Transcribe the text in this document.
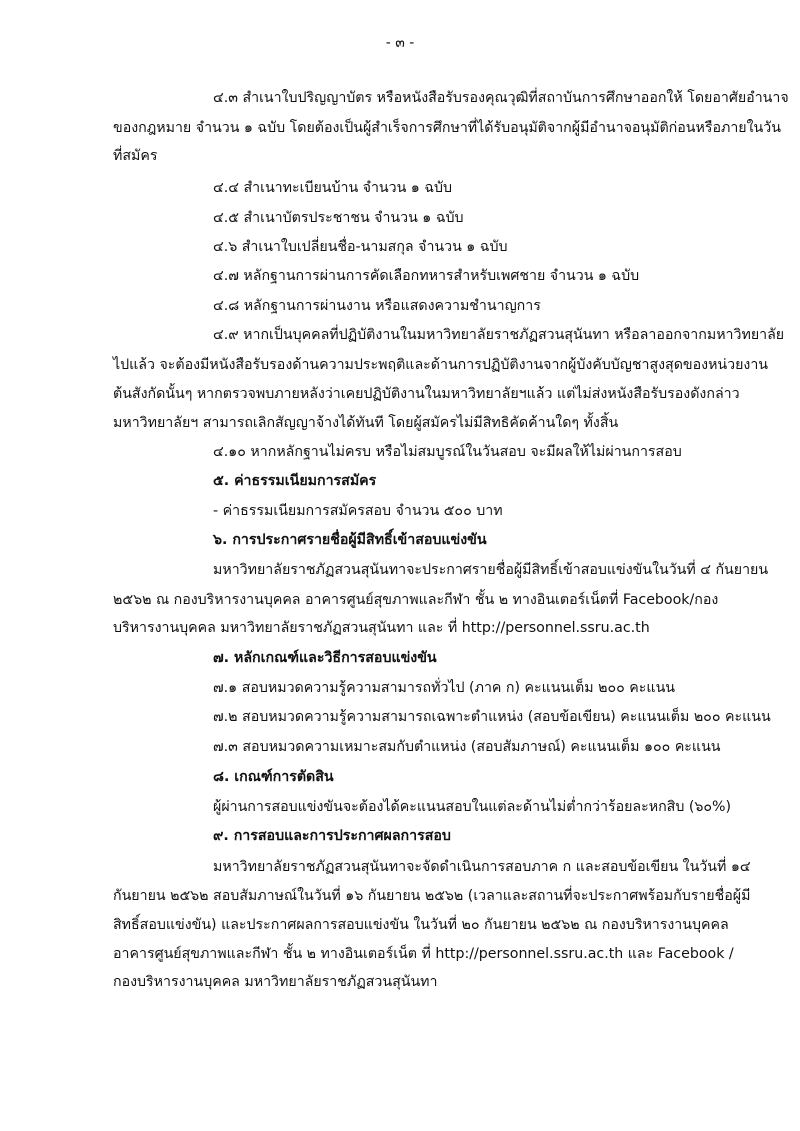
- ๓ -
๔.๓ สำเนาใบปริญญาบัตร หรือหนังสือรับรองคุณวุฒิที่สถาบันการศึกษาออกให้ โดยอาศัยอำนาจ
ของกฎหมาย จำนวน ๑ ฉบับ โดยต้องเป็นผู้สำเร็จการศึกษาที่ได้รับอนุมัติจากผู้มีอำนาจอนุมัติก่อนหรือภายในวัน
ที่สมัคร
๔.๔ สำเนาทะเบียนบ้าน จำนวน ๑ ฉบับ
๔.๕ สำเนาบัตรประชาชน จำนวน ๑ ฉบับ
๔.๖ สำเนาใบเปลี่ยนชื่อ-นามสกุล จำนวน ๑ ฉบับ
๔.๗ หลักฐานการผ่านการคัดเลือกทหารสำหรับเพศชาย จำนวน ๑ ฉบับ
๔.๘ หลักฐานการผ่านงาน หรือแสดงความชำนาญการ
๔.๙ หากเป็นบุคคลที่ปฏิบัติงานในมหาวิทยาลัยราชภัฏสวนสุนันทา หรือลาออกจากมหาวิทยาลัย
ไปแล้ว จะต้องมีหนังสือรับรองด้านความประพฤติและด้านการปฏิบัติงานจากผู้บังคับบัญชาสูงสุดของหน่วยงาน
ต้นสังกัดนั้นๆ หากตรวจพบภายหลังว่าเคยปฏิบัติงานในมหาวิทยาลัยฯแล้ว แต่ไม่ส่งหนังสือรับรองดังกล่าว
มหาวิทยาลัยฯ สามารถเลิกสัญญาจ้างได้ทันที โดยผู้สมัครไม่มีสิทธิคัดค้านใดๆ ทั้งสิ้น
๔.๑๐ หากหลักฐานไม่ครบ หรือไม่สมบูรณ์ในวันสอบ จะมีผลให้ไม่ผ่านการสอบ
๕. ค่าธรรมเนียมการสมัคร
- ค่าธรรมเนียมการสมัครสอบ จำนวน ๕๐๐ บาท
๖. การประกาศรายชื่อผู้มีสิทธิ์เข้าสอบแข่งขัน
มหาวิทยาลัยราชภัฏสวนสุนันทาจะประกาศรายชื่อผู้มีสิทธิ์เข้าสอบแข่งขันในวันที่ ๔ กันยายน
๒๕๖๒ ณ กองบริหารงานบุคคล อาคารศูนย์สุขภาพและกีฬา ชั้น ๒ ทางอินเตอร์เน็ตที่ Facebook/กอง
บริหารงานบุคคล มหาวิทยาลัยราชภัฏสวนสุนันทา และ ที่ http://personnel.ssru.ac.th
๗. หลักเกณฑ์และวิธีการสอบแข่งขัน
๗.๑ สอบหมวดความรู้ความสามารถทั่วไป (ภาค ก) คะแนนเต็ม ๒๐๐ คะแนน
๗.๒ สอบหมวดความรู้ความสามารถเฉพาะตำแหน่ง (สอบข้อเขียน) คะแนนเต็ม ๒๐๐ คะแนน
๗.๓ สอบหมวดความเหมาะสมกับตำแหน่ง (สอบสัมภาษณ์) คะแนนเต็ม ๑๐๐ คะแนน
๘. เกณฑ์การตัดสิน
ผู้ผ่านการสอบแข่งขันจะต้องได้คะแนนสอบในแต่ละด้านไม่ต่ำกว่าร้อยละหกสิบ (๖๐%)
๙. การสอบและการประกาศผลการสอบ
มหาวิทยาลัยราชภัฏสวนสุนันทาจะจัดดำเนินการสอบภาค ก และสอบข้อเขียน ในวันที่ ๑๔
กันยายน ๒๕๖๒ สอบสัมภาษณ์ในวันที่ ๑๖ กันยายน ๒๕๖๒ (เวลาและสถานที่จะประกาศพร้อมกับรายชื่อผู้มี
สิทธิ์สอบแข่งขัน) และประกาศผลการสอบแข่งขัน ในวันที่ ๒๐ กันยายน ๒๕๖๒ ณ กองบริหารงานบุคคล
อาคารศูนย์สุขภาพและกีฬา ชั้น ๒ ทางอินเตอร์เน็ต ที่ http://personnel.ssru.ac.th และ Facebook /
กองบริหารงานบุคคล มหาวิทยาลัยราชภัฏสวนสุนันทา
